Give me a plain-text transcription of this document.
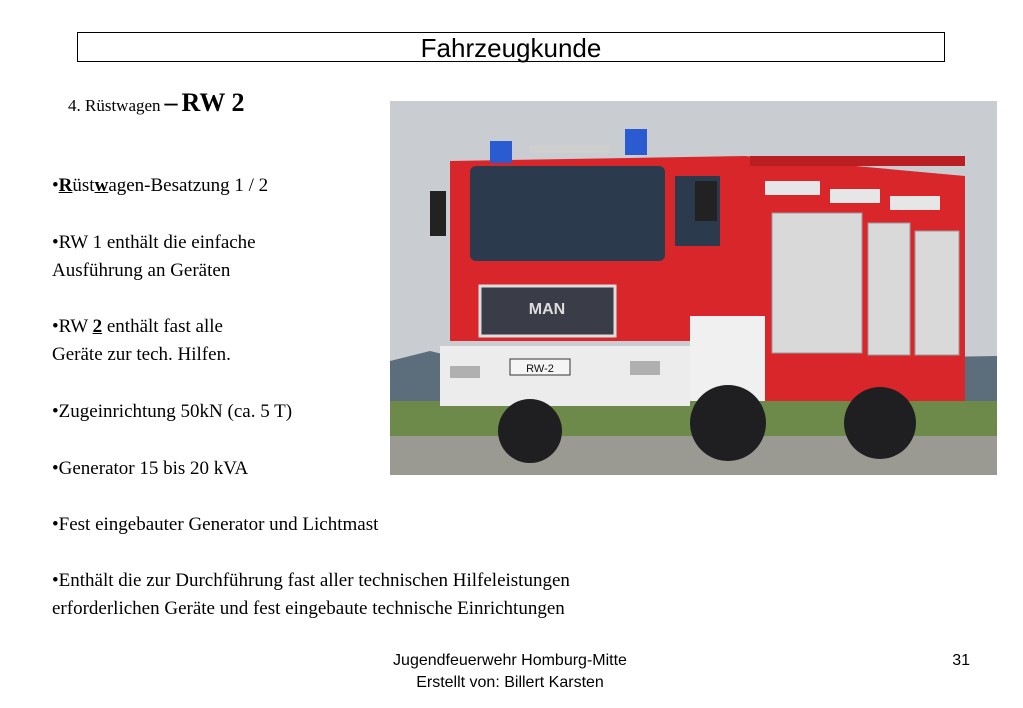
Fahrzeugkunde
4. Rüstwagen – RW 2
•Rüstwagen-Besatzung 1 / 2
•RW 1 enthält die einfache
Ausführung an Geräten
•RW 2 enthält fast alle
Geräte zur tech. Hilfen.
•Zugeinrichtung 50kN (ca. 5 T)
•Generator 15 bis 20 kVA
•Fest eingebauter Generator und Lichtmast
•Enthält die zur Durchführung fast aller technischen Hilfeleistungen
erforderlichen Geräte und fest eingebaute technische Einrichtungen
MAN
RW-2
Jugendfeuerwehr Homburg-Mitte
Erstellt von: Billert Karsten
31
